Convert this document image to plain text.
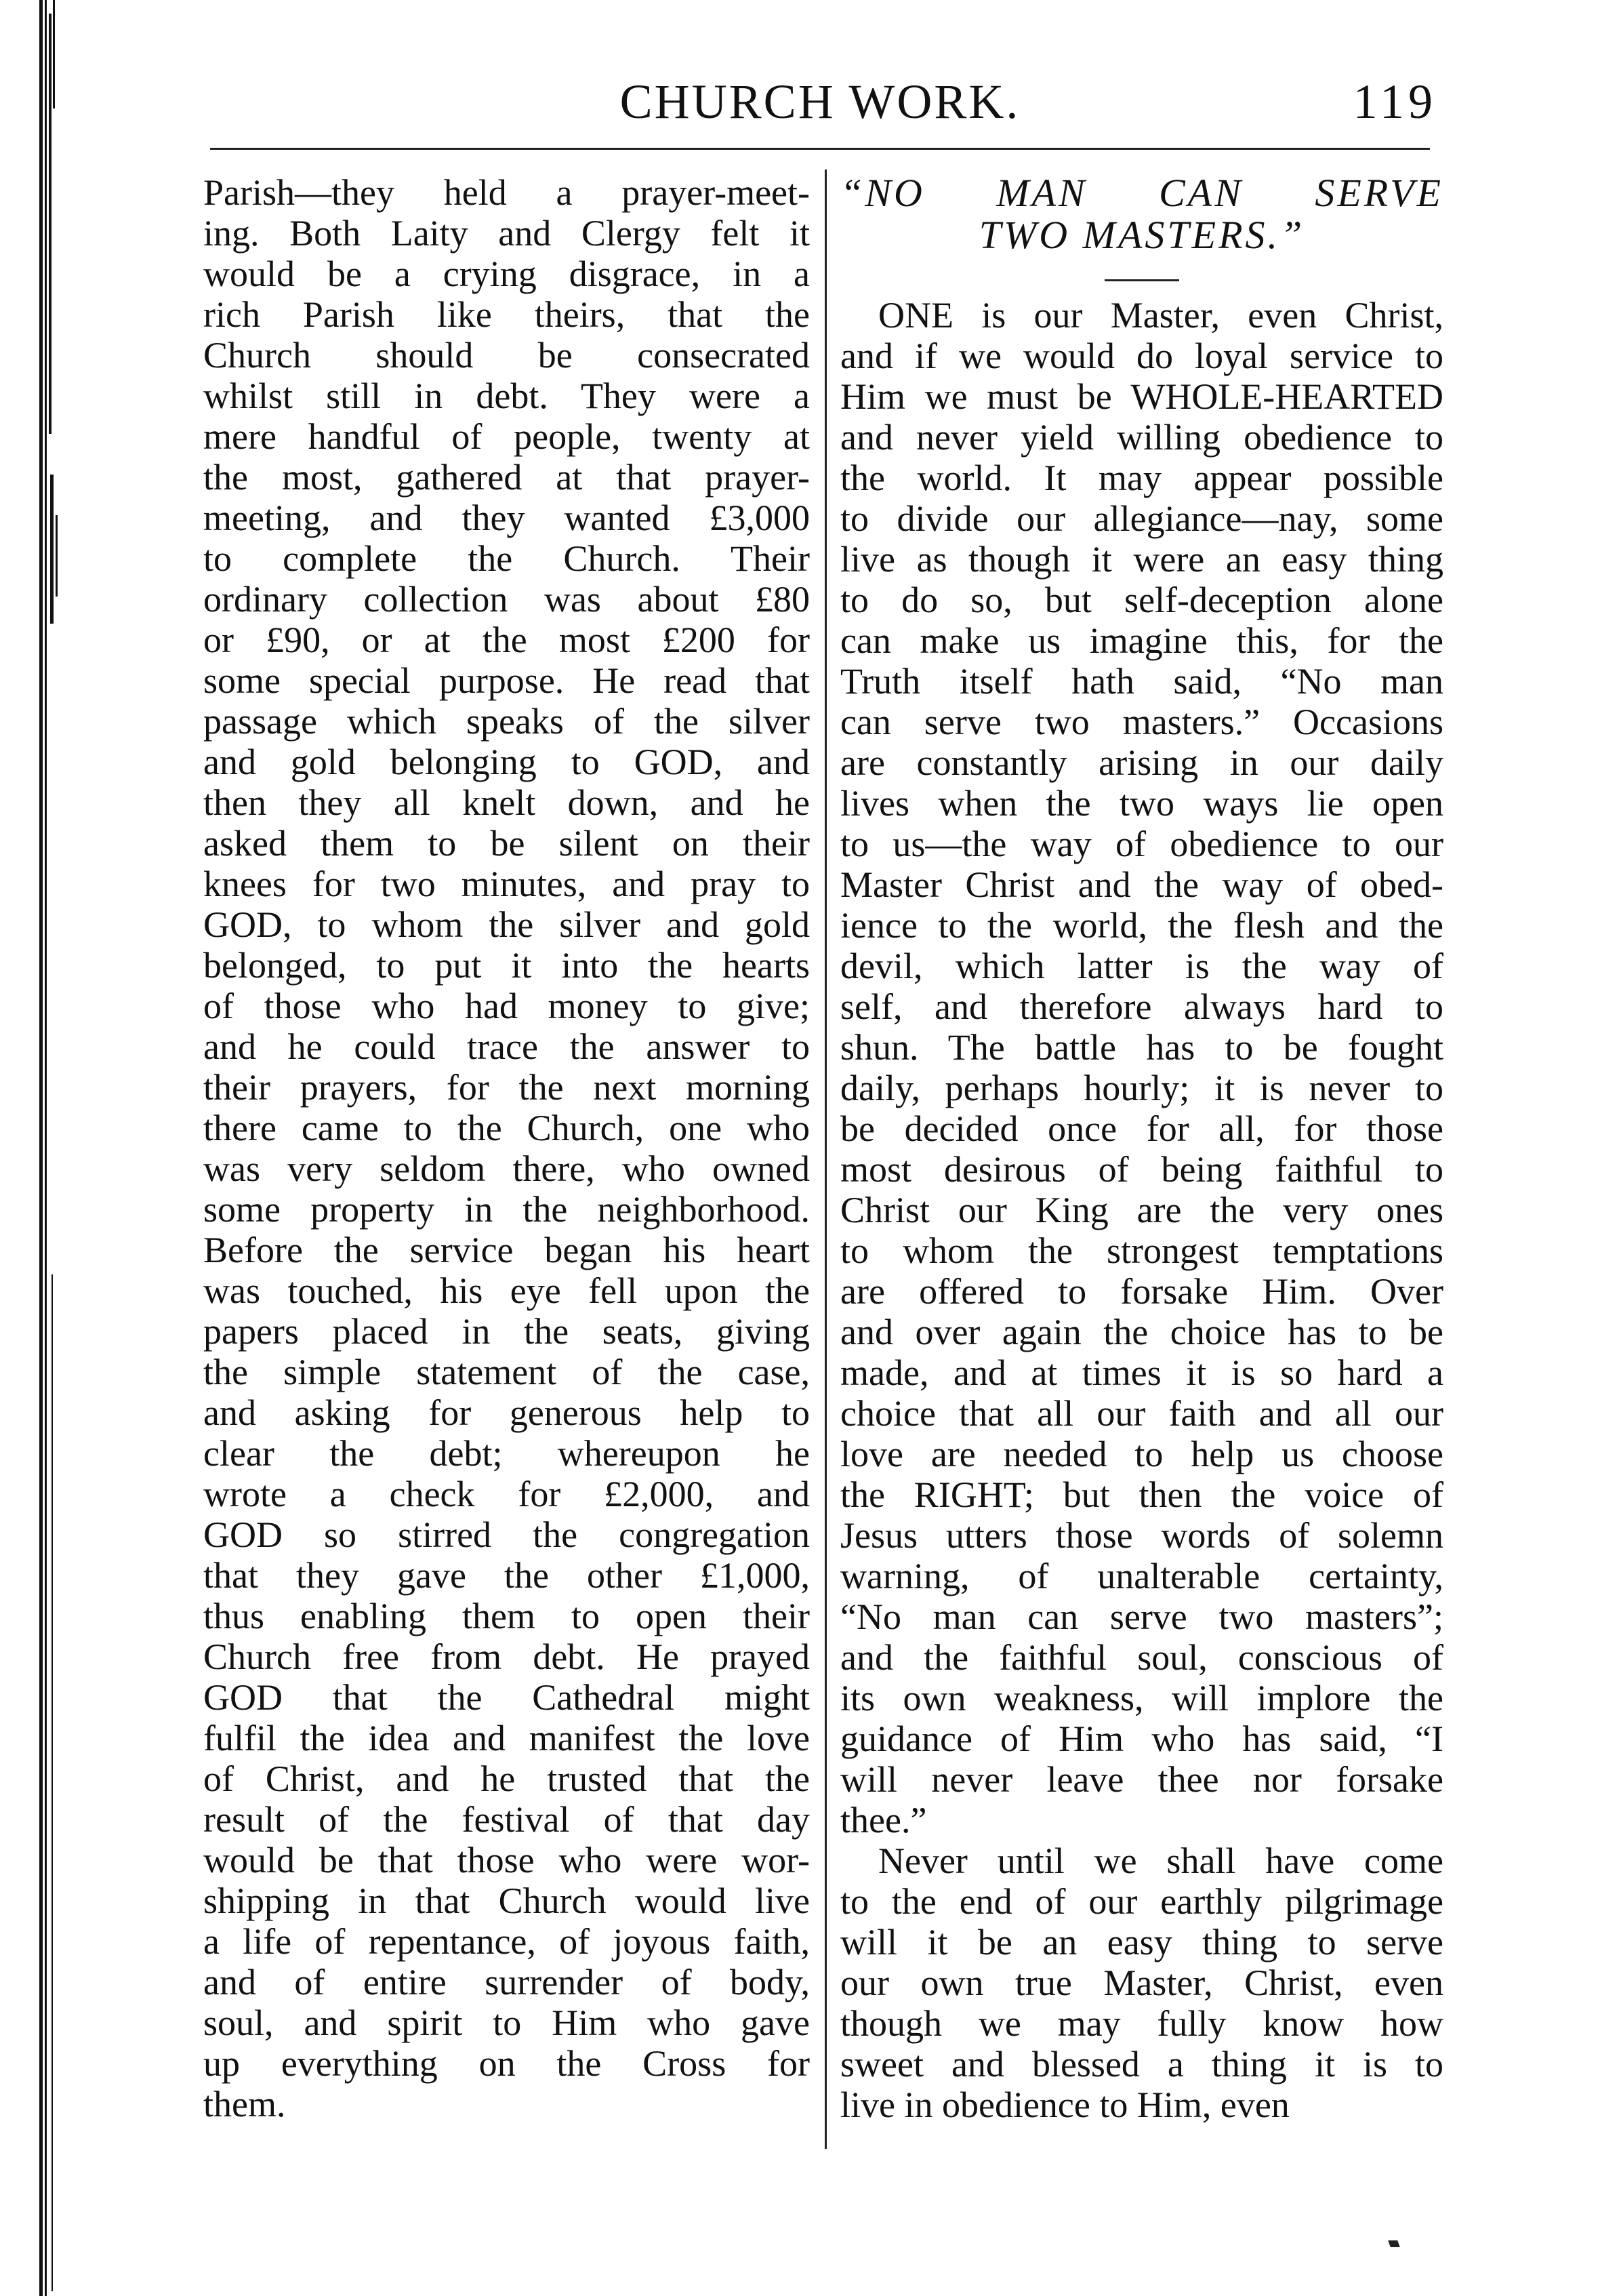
CHURCH WORK.	119
Parish—they held a prayer-meet-
ing. Both Laity and Clergy felt it
would be a crying disgrace, in a
rich Parish like theirs, that the
Church should be consecrated
whilst still in debt. They were a
mere handful of people, twenty at
the most, gathered at that prayer-
meeting, and they wanted £3,000
to complete the Church. Their
ordinary collection was about £80
or £90, or at the most £200 for
some special purpose. He read that
passage which speaks of the silver
and gold belonging to GOD, and
then they all knelt down, and he
asked them to be silent on their
knees for two minutes, and pray to
GOD, to whom the silver and gold
belonged, to put it into the hearts
of those who had money to give;
and he could trace the answer to
their prayers, for the next morning
there came to the Church, one who
was very seldom there, who owned
some property in the neighborhood.
Before the service began his heart
was touched, his eye fell upon the
papers placed in the seats, giving
the simple statement of the case,
and asking for generous help to
clear the debt; whereupon he
wrote a check for £2,000, and
GOD so stirred the congregation
that they gave the other £1,000,
thus enabling them to open their
Church free from debt. He prayed
GOD that the Cathedral might
fulfil the idea and manifest the love
of Christ, and he trusted that the
result of the festival of that day
would be that those who were wor-
shipping in that Church would live
a life of repentance, of joyous faith,
and of entire surrender of body,
soul, and spirit to Him who gave
up everything on the Cross for
them.
“NO MAN CAN SERVE
TWO MASTERS.”
ONE is our Master, even Christ,
and if we would do loyal service to
Him we must be WHOLE-HEARTED
and never yield willing obedience to
the world. It may appear possible
to divide our allegiance—nay, some
live as though it were an easy thing
to do so, but self-deception alone
can make us imagine this, for the
Truth itself hath said, “No man
can serve two masters.” Occasions
are constantly arising in our daily
lives when the two ways lie open
to us—the way of obedience to our
Master Christ and the way of obed-
ience to the world, the flesh and the
devil, which latter is the way of
self, and therefore always hard to
shun. The battle has to be fought
daily, perhaps hourly; it is never to
be decided once for all, for those
most desirous of being faithful to
Christ our King are the very ones
to whom the strongest temptations
are offered to forsake Him. Over
and over again the choice has to be
made, and at times it is so hard a
choice that all our faith and all our
love are needed to help us choose
the RIGHT; but then the voice of
Jesus utters those words of solemn
warning, of unalterable certainty,
“No man can serve two masters”;
and the faithful soul, conscious of
its own weakness, will implore the
guidance of Him who has said, “I
will never leave thee nor forsake
thee.”
Never until we shall have come
to the end of our earthly pilgrimage
will it be an easy thing to serve
our own true Master, Christ, even
though we may fully know how
sweet and blessed a thing it is to
live in obedience to Him, even
